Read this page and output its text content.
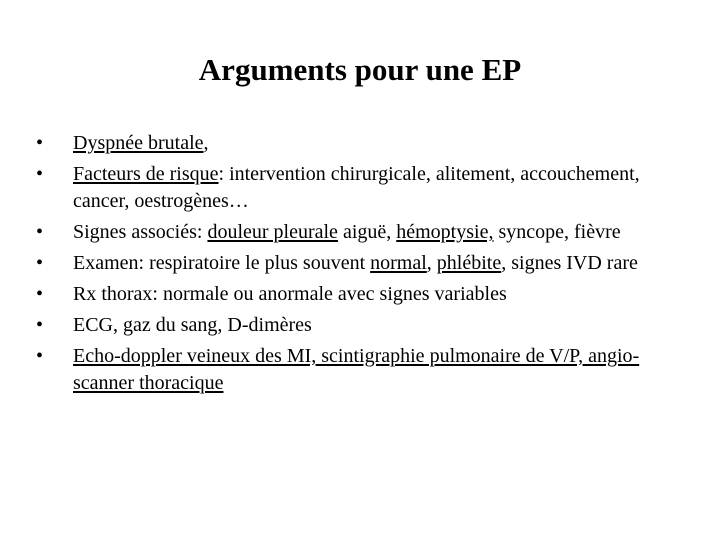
Arguments pour une EP
•	Dyspnée brutale,
•	Facteurs de risque: intervention chirurgicale, alitement, accouchement, cancer, oestrogènes…
•	Signes associés: douleur pleurale aiguë, hémoptysie, syncope, fièvre
•	Examen: respiratoire le plus souvent normal, phlébite, signes IVD rare
•	Rx thorax: normale ou anormale avec signes variables
•	ECG, gaz du sang, D-dimères
•	Echo-doppler veineux des MI, scintigraphie pulmonaire de V/P, angio-scanner thoracique
